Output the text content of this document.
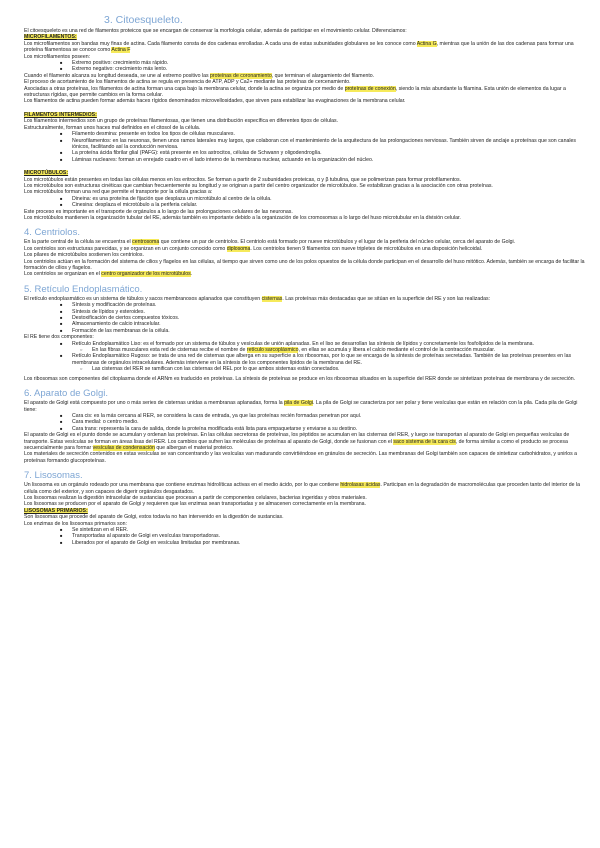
3. Citoesqueleto.

El citoesqueleto es una red de filamentos proteicos que se encargan de conservar la morfología celular, además de participar en el movimiento celular. Diferenciamos:

MICROFILAMENTOS:

Los microfilamentos son bandas muy finas de actina. Cada filamento consta de dos cadenas enrolladas. A cada una de estas subunidades globulares se les conoce como Actina G, mientras que la unión de las dos cadenas para formar una proteína filamentosa se conoce como Actina F

Los microfilamentos poseen:

■ Extremo positivo: crecimiento más rápido.
■ Extremo negativo: crecimiento más lento.

Cuando el filamento alcanza su longitud deseada, se une al extremo positivo las proteínas de coronamiento, que terminan el alargamiento del filamento.

El proceso de acortamiento de los filamentos de actina se regula en presencia de ATP, ADP y Ca2+ mediante las proteínas de cercenamiento.

Asociadas a otras proteínas, los filamentos de actina forman una capa bajo la membrana celular, donde la actina se organiza por medio de proteínas de conexión, siendo la más abundante la filamina. Esta unión de elementos da lugar a estructuras rígidas, que permite cambios en la forma celular.

Los filamentos de actina pueden formar además haces rígidos denominados microvellosidades, que sirven para estabilizar las evaginaciones de la membrana celular.

FILAMENTOS INTERMEDIOS:

Los filamentos intermedios son un grupo de proteínas filamentosas, que tienen una distribución específica en diferentes tipos de células.

Estructuralmente, forman unos haces mal definidos en el citosol de la célula.

■ Filamento desmina: presente en todos los tipos de células musculares.
■ Neurofilamentos: en las neuronas, tienen unos ramos laterales muy largos, que colaboran con el mantenimiento de la arquitectura de las prolongaciones nerviosas. También sirven de anclaje a proteínas que son canales iónicos, facilitando así la conducción nerviosa.
■ La proteína ácida fibrilar glial (PAFG): está presente en los astrocitos, células de Schwann y oligodendroglía.
■ Láminas nucleares: forman un enrejado cuadro en el lado interno de la membrana nuclear, actuando en la organización del núcleo.

MICROTÚBULOS:

Los microtúbulos están presentes en todas las células menos en los eritrocitos. Se forman a partir de 2 subunidades proteicas, α y β tubulina, que se polimerizan para formar protofilamentos.

Los microtúbulos son estructuras cinéticas que cambian frecuentemente su longitud y se originan a partir del centro organizador de microtúbulos. Se estabilizan gracias a la asociación con otras proteínas.

Los microtúbulos forman una red que permite el transporte por la célula gracias a:

■ Dineina: es una proteína de fijación que desplaza un microtúbulo al centro de la célula.
■ Cinesina: desplaza el microtúbulo a la periferia celular.

Este proceso es importante en el transporte de orgánulos a lo largo de las prolongaciones celulares de las neuronas.

Los microtúbulos mantienen la organización tubular del RE, además también es importante debido a la organización de los cromosomas a lo largo del huso microtubular en la división celular.

4. Centriolos.

En la parte central de la célula se encuentra el centrosoma que contiene un par de centriolos. El centriolo está formado por nueve microtúbulos y el lugar de la periferia del núcleo celular, cerca del aparato de Golgi.

Los centriolos son estructuras parecidas, y se organizan en un conjunto conocido como diplosoma. Los centriolos tienen 9 filamentos con nueve tripletes de microtúbulos en una disposición helicoidal.

Los pilares de microtúbulos sostienen los centriolos.

Los centriolos actúan en la formación del sistema de cilios y flagelos en las células, al tiempo que sirven como uno de los polos opuestos de la célula donde participan en el desarrollo del huso mitótico. Además, también se encarga de facilitar la formación de cilios y flagelos.

Los centriolos se organizan en el centro organizador de los microtúbulos.

5. Retículo Endoplasmático.

El retículo endoplasmático es un sistema de túbulos y sacos membranosos aplanados que constituyen cisternas. Las proteínas más destacadas que se sitúan en la superficie del RE y son las realizadas:

■ Síntesis y modificación de proteínas.
■ Síntesis de lípidos y esteroides.
■ Destoxificación de ciertos compuestos tóxicos.
■ Almacenamiento de calcio intracelular.
■ Formación de las membranas de la célula.

El RE tiene dos componentes:

■ Retículo Endoplasmático Liso: es el formado por un sistema de túbulos y vesículas de unión aplanadas. En el liso se desarrollan las síntesis de lípidos y concretamente los fosfolípidos de la membrana.
○ En las fibras musculares esta red de cisternas recibe el nombre de retículo sarcoplásmico, en ellas se acumula y libera el calcio mediante el control de la contracción muscular.
■ Retículo Endoplasmático Rugoso: se trata de una red de cisternas que alberga en su superficie a los ribosomas, por lo que se encarga de la síntesis de proteínas secretadas. También de las proteínas presentes en las membranas de orgánulos intracelulares. Además interviene en la síntesis de los componentes lípidos de la membrana del RE.
○ Las cisternas del RER se ramifican con las cisternas del REL por lo que ambos sistemas están conectados.

Los ribosomas son componentes del citoplasma donde el ARNm es traducido en proteínas. La síntesis de proteínas se produce en los ribosomas situados en la superficie del RER donde se sintetizan proteínas de membrana y de secreción.

6. Aparato de Golgi.

El aparato de Golgi está compuesto por uno o más series de cisternas unidas a membranas aplanadas, forma la pila de Golgi. La pila de Golgi se caracteriza por ser polar y tiene vesículas que están en relación con la pila. Cada pila de Golgi tiene:

■ Cara cis: es la más cercana al RER, se considera la cara de entrada, ya que las proteínas recién formadas penetran por aquí.
■ Cara medial: o centro medio.
■ Cara trans: representa la cara de salida, donde la proteína modificada está lista para empaquetarse y enviarse a su destino.

El aparato de Golgi es el punto donde se acumulan y ordenan las proteínas. En las células secretoras de proteínas, los péptidos se acumulan en las cisternas del RER, y luego se transportan al aparato de Golgi en pequeñas vesículas de transporte. Estas vesículas se forman en áreas lisas del RER. Los cambios que sufren las moléculas de proteínas al aparato de Golgi, donde se fusionan con el saco sistema de la cara cis, de forma similar a como el producto se procesa secuencialmente para formar vesículas de condensación que albergan el material proteico.

Los materiales de secreción contenidos en estas vesículas se van concentrando y las vesículas van madurando convirtiéndose en gránulos de secreción. Las membranas del Golgi también son capaces de sintetizar carbohidratos, y unirlos a proteínas formando glucoproteínas.

7. Lisosomas.

Un lisosoma es un orgánulo rodeado por una membrana que contiene enzimas hidrolíticas activas en el medio ácido, por lo que contiene hidrolasas ácidas. Participan en la degradación de macromoléculas que proceden tanto del interior de la célula como del exterior, y son capaces de digerir orgánulos desgastados.

Los lisosomas realizan la digestión intracelular de sustancias que procesan a partir de componentes celulares, bacterias ingeridas y otros materiales.

Los lisosomas se producen por el aparato de Golgi y requieren que las enzimas sean transportadas y se almacenen correctamente en la membrana.

LISOSOMAS PRIMARIOS:

Son lisosomas que procede del aparato de Golgi, estos todavía no han intervenido en la digestión de sustancias.

Los enzimas de los lisosomas primarios son:

■ Se sintetizan en el RER.
■ Transportadas al aparato de Golgi en vesículas transportadoras.
■ Liberados por el aparato de Golgi en vesículas limitadas por membranas.
